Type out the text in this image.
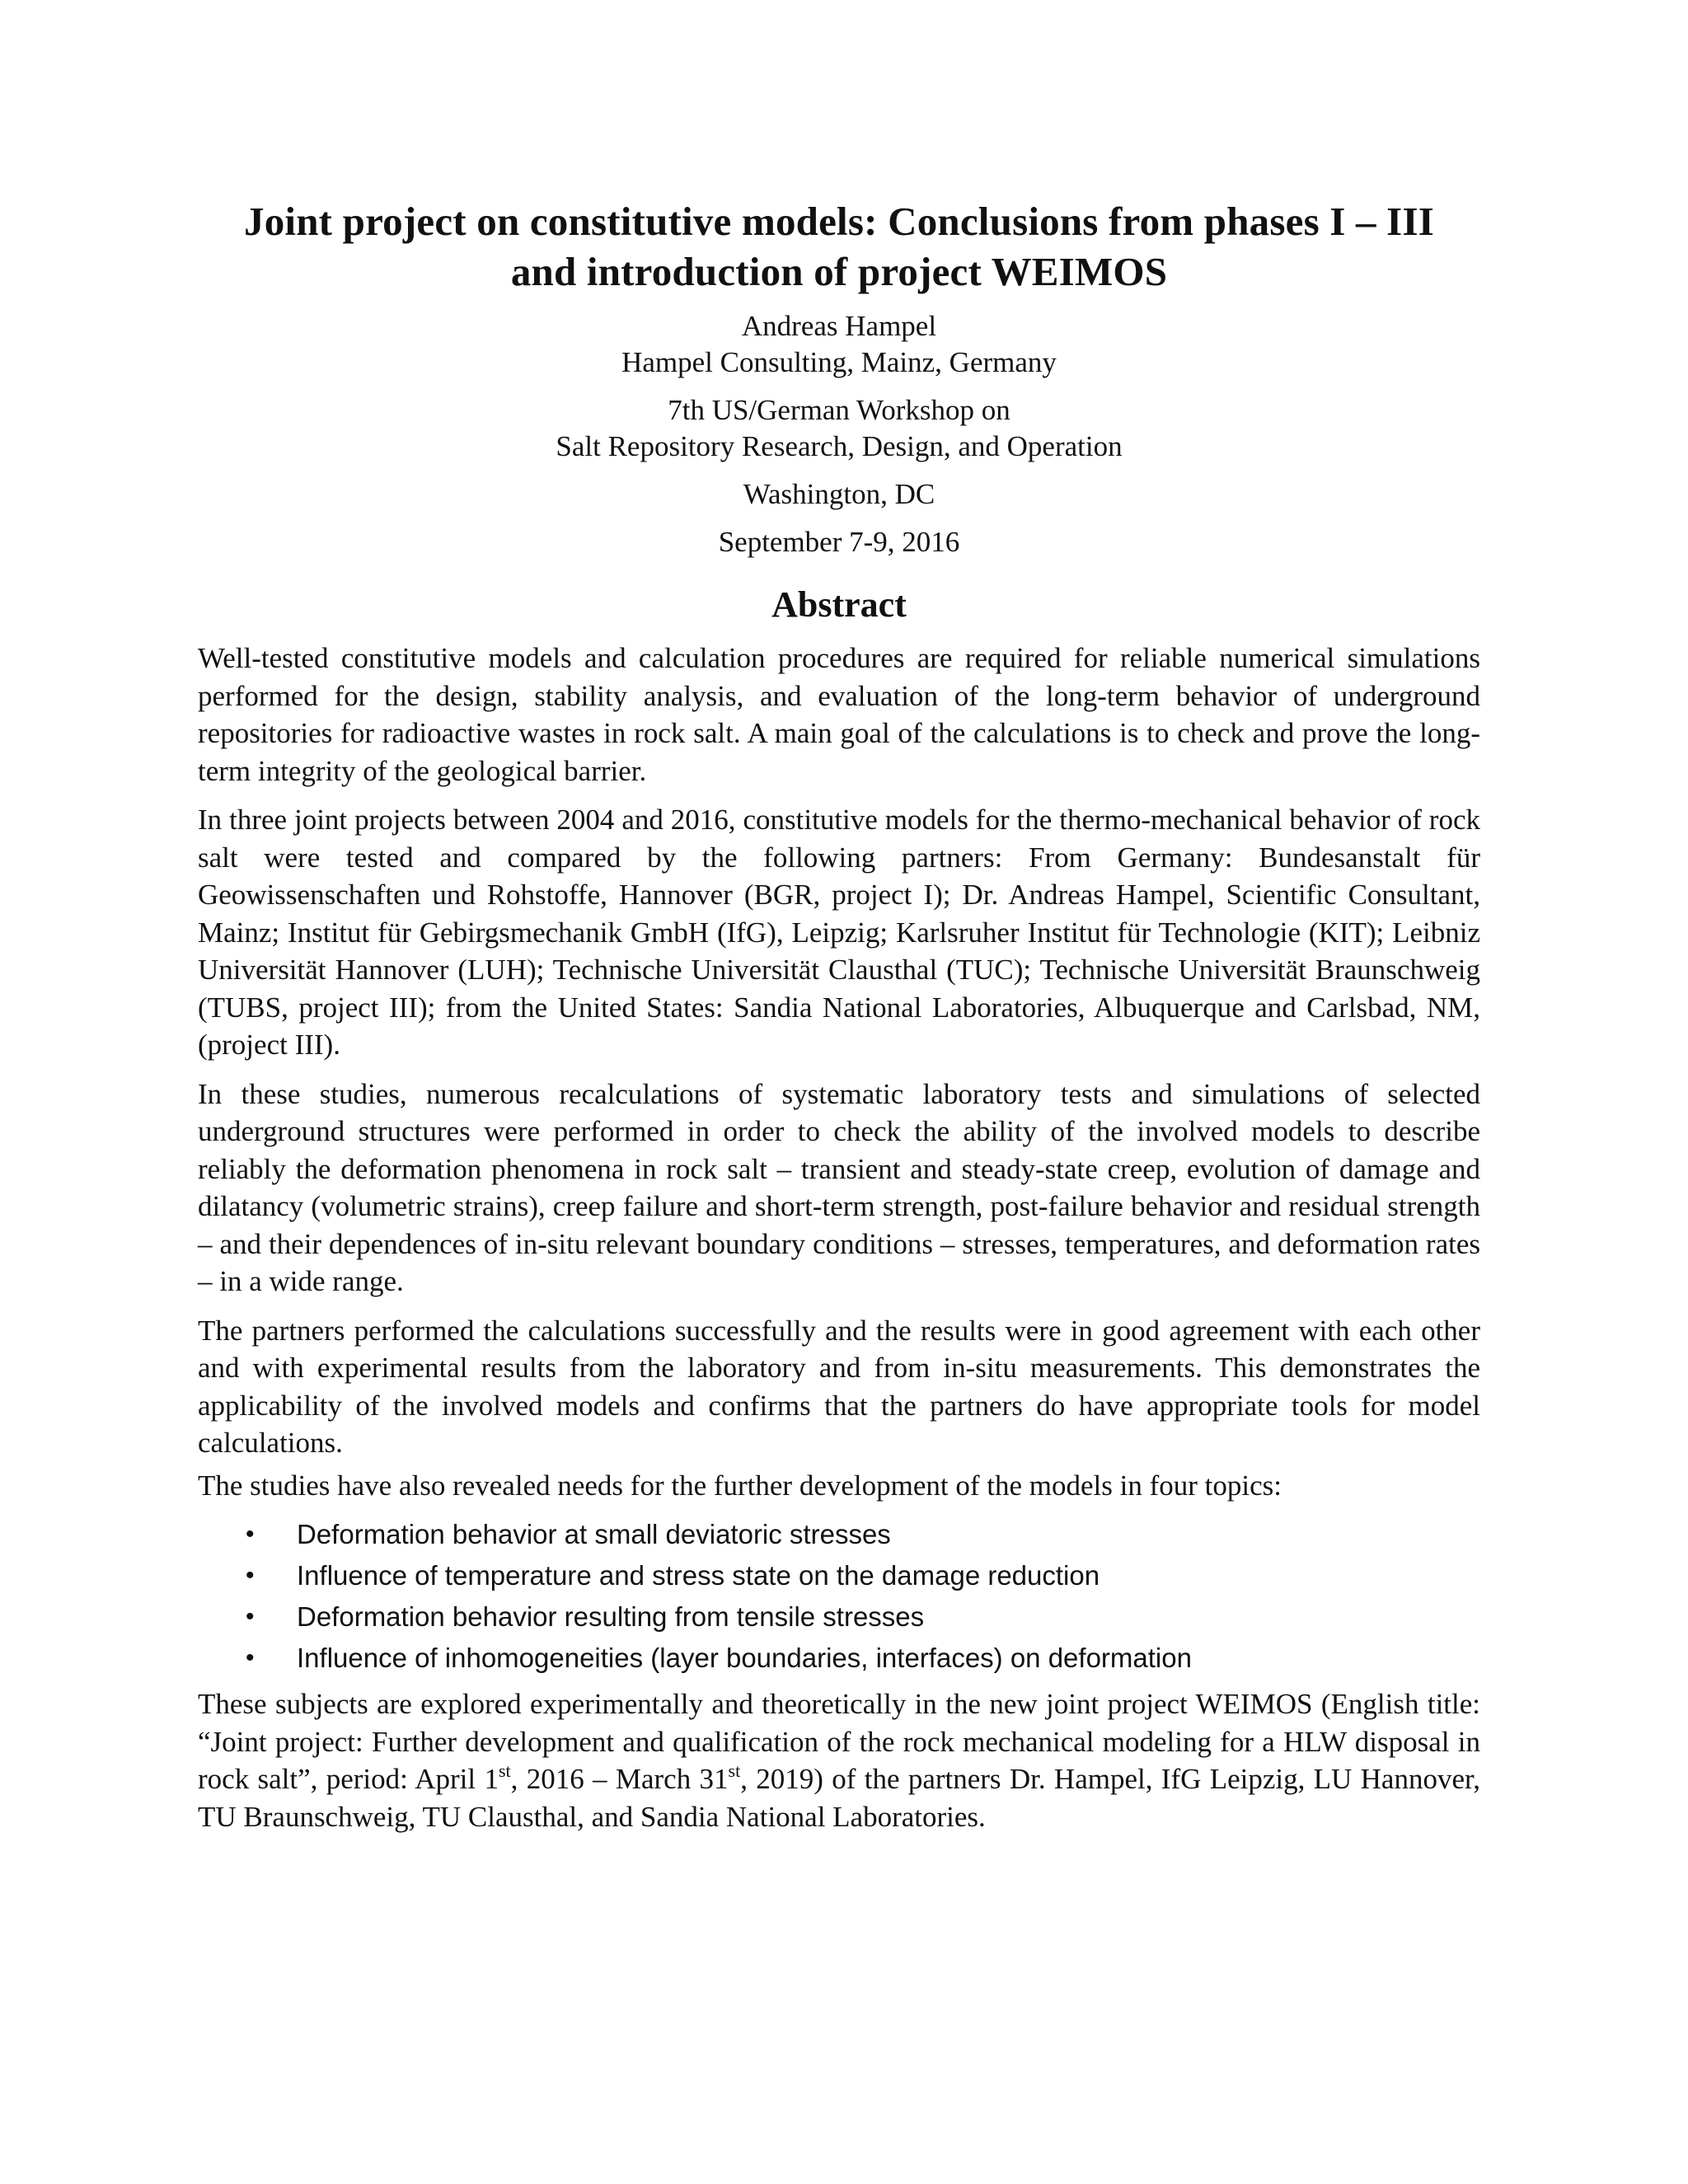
Joint project on constitutive models: Conclusions from phases I – III
and introduction of project WEIMOS
Andreas Hampel
Hampel Consulting, Mainz, Germany
7th US/German Workshop on
Salt Repository Research, Design, and Operation
Washington, DC
September 7-9, 2016
Abstract

Well-tested constitutive models and calculation procedures are required for reliable numerical simulations performed for the design, stability analysis, and evaluation of the long-term behavior of underground repositories for radioactive wastes in rock salt. A main goal of the calculations is to check and prove the long-term integrity of the geological barrier.

In three joint projects between 2004 and 2016, constitutive models for the thermo-mechanical behavior of rock salt were tested and compared by the following partners: From Germany: Bundesanstalt für Geowissenschaften und Rohstoffe, Hannover (BGR, project I); Dr. Andreas Hampel, Scientific Consultant, Mainz; Institut für Gebirgsmechanik GmbH (IfG), Leipzig; Karlsruher Institut für Technologie (KIT); Leibniz Universität Hannover (LUH); Technische Universität Clausthal (TUC); Technische Universität Braunschweig (TUBS, project III); from the United States: Sandia National Laboratories, Albuquerque and Carlsbad, NM, (project III).

In these studies, numerous recalculations of systematic laboratory tests and simulations of selected underground structures were performed in order to check the ability of the involved models to describe reliably the deformation phenomena in rock salt – transient and steady-state creep, evolution of damage and dilatancy (volumetric strains), creep failure and short-term strength, post-failure behavior and residual strength – and their dependences of in-situ relevant boundary conditions – stresses, temperatures, and deformation rates – in a wide range.

The partners performed the calculations successfully and the results were in good agreement with each other and with experimental results from the laboratory and from in-situ measurements. This demonstrates the applicability of the involved models and confirms that the partners do have appropriate tools for model calculations.

The studies have also revealed needs for the further development of the models in four topics:

• Deformation behavior at small deviatoric stresses
• Influence of temperature and stress state on the damage reduction
• Deformation behavior resulting from tensile stresses
• Influence of inhomogeneities (layer boundaries, interfaces) on deformation

These subjects are explored experimentally and theoretically in the new joint project WEIMOS (English title: “Joint project: Further development and qualification of the rock mechanical modeling for a HLW disposal in rock salt”, period: April 1st, 2016 – March 31st, 2019) of the partners Dr. Hampel, IfG Leipzig, LU Hannover, TU Braunschweig, TU Clausthal, and Sandia National Laboratories.
